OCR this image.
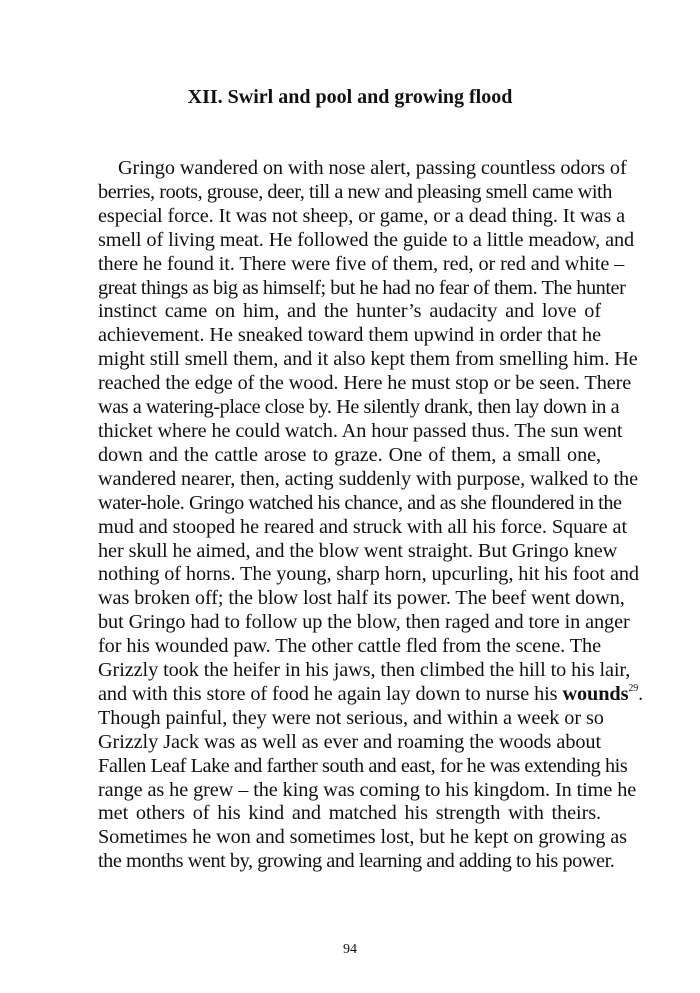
XII. Swirl and pool and growing flood
Gringo wandered on with nose alert, passing countless odors of
berries, roots, grouse, deer, till a new and pleasing smell came with
especial force. It was not sheep, or game, or a dead thing. It was a
smell of living meat. He followed the guide to a little meadow, and
there he found it. There were five of them, red, or red and white –
great things as big as himself; but he had no fear of them. The hunter
instinct came on him, and the hunter’s audacity and love of
achievement. He sneaked toward them upwind in order that he
might still smell them, and it also kept them from smelling him. He
reached the edge of the wood. Here he must stop or be seen. There
was a watering-place close by. He silently drank, then lay down in a
thicket where he could watch. An hour passed thus. The sun went
down and the cattle arose to graze. One of them, a small one,
wandered nearer, then, acting suddenly with purpose, walked to the
water-hole. Gringo watched his chance, and as she floundered in the
mud and stooped he reared and struck with all his force. Square at
her skull he aimed, and the blow went straight. But Gringo knew
nothing of horns. The young, sharp horn, upcurling, hit his foot and
was broken off; the blow lost half its power. The beef went down,
but Gringo had to follow up the blow, then raged and tore in anger
for his wounded paw. The other cattle fled from the scene. The
Grizzly took the heifer in his jaws, then climbed the hill to his lair,
and with this store of food he again lay down to nurse his wounds$^{29}$.
Though painful, they were not serious, and within a week or so
Grizzly Jack was as well as ever and roaming the woods about
Fallen Leaf Lake and farther south and east, for he was extending his
range as he grew – the king was coming to his kingdom. In time he
met others of his kind and matched his strength with theirs.
Sometimes he won and sometimes lost, but he kept on growing as
the months went by, growing and learning and adding to his power.
94
